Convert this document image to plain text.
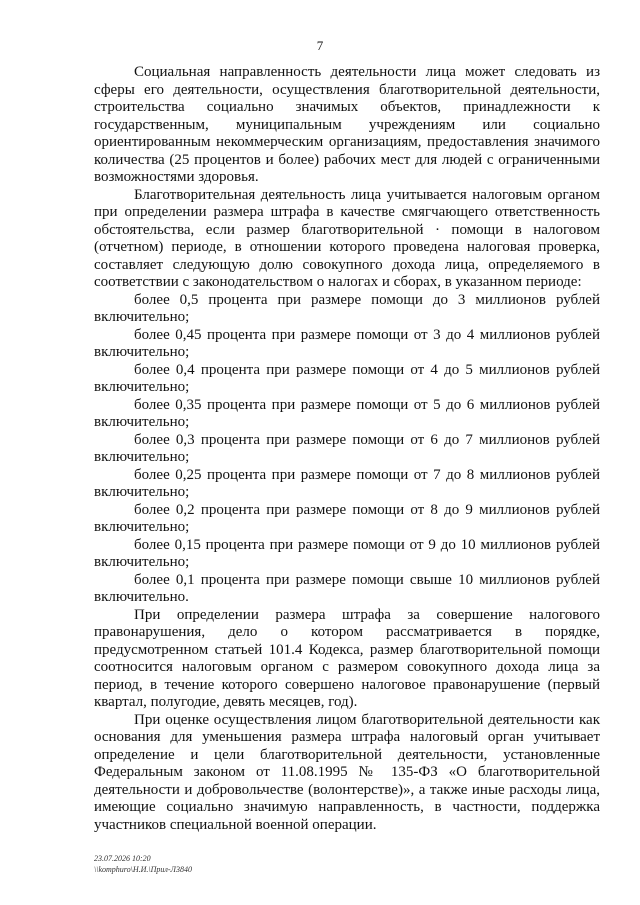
7

Социальная направленность деятельности лица может следовать из сферы его деятельности, осуществления благотворительной деятельности, строительства социально значимых объектов, принадлежности к государственным, муниципальным учреждениям или социально ориентированным некоммерческим организациям, предоставления значимого количества (25 процентов и более) рабочих мест для людей с ограниченными возможностями здоровья.

Благотворительная деятельность лица учитывается налоговым органом при определении размера штрафа в качестве смягчающего ответственность обстоятельства, если размер благотворительной · помощи в налоговом (отчетном) периоде, в отношении которого проведена налоговая проверка, составляет следующую долю совокупного дохода лица, определяемого в соответствии с законодательством о налогах и сборах, в указанном периоде:

более 0,5 процента при размере помощи до 3 миллионов рублей включительно;

более 0,45 процента при размере помощи от 3 до 4 миллионов рублей включительно;

более 0,4 процента при размере помощи от 4 до 5 миллионов рублей включительно;

более 0,35 процента при размере помощи от 5 до 6 миллионов рублей включительно;

более 0,3 процента при размере помощи от 6 до 7 миллионов рублей включительно;

более 0,25 процента при размере помощи от 7 до 8 миллионов рублей включительно;

более 0,2 процента при размере помощи от 8 до 9 миллионов рублей включительно;

более 0,15 процента при размере помощи от 9 до 10 миллионов рублей включительно;

более 0,1 процента при размере помощи свыше 10 миллионов рублей включительно.

При определении размера штрафа за совершение налогового правонарушения, дело о котором рассматривается в порядке, предусмотренном статьей 101.4 Кодекса, размер благотворительной помощи соотносится налоговым органом с размером совокупного дохода лица за период, в течение которого совершено налоговое правонарушение (первый квартал, полугодие, девять месяцев, год).

При оценке осуществления лицом благотворительной деятельности как основания для уменьшения размера штрафа налоговый орган учитывает определение и цели благотворительной деятельности, установленные Федеральным законом от 11.08.1995 № 135-ФЗ «О благотворительной деятельности и добровольчестве (волонтерстве)», а также иные расходы лица, имеющие социально значимую направленность, в частности, поддержка участников специальной военной операции.

23.07.2026 10:20
\\komphuro\Н.И.\Прил-Л3840
